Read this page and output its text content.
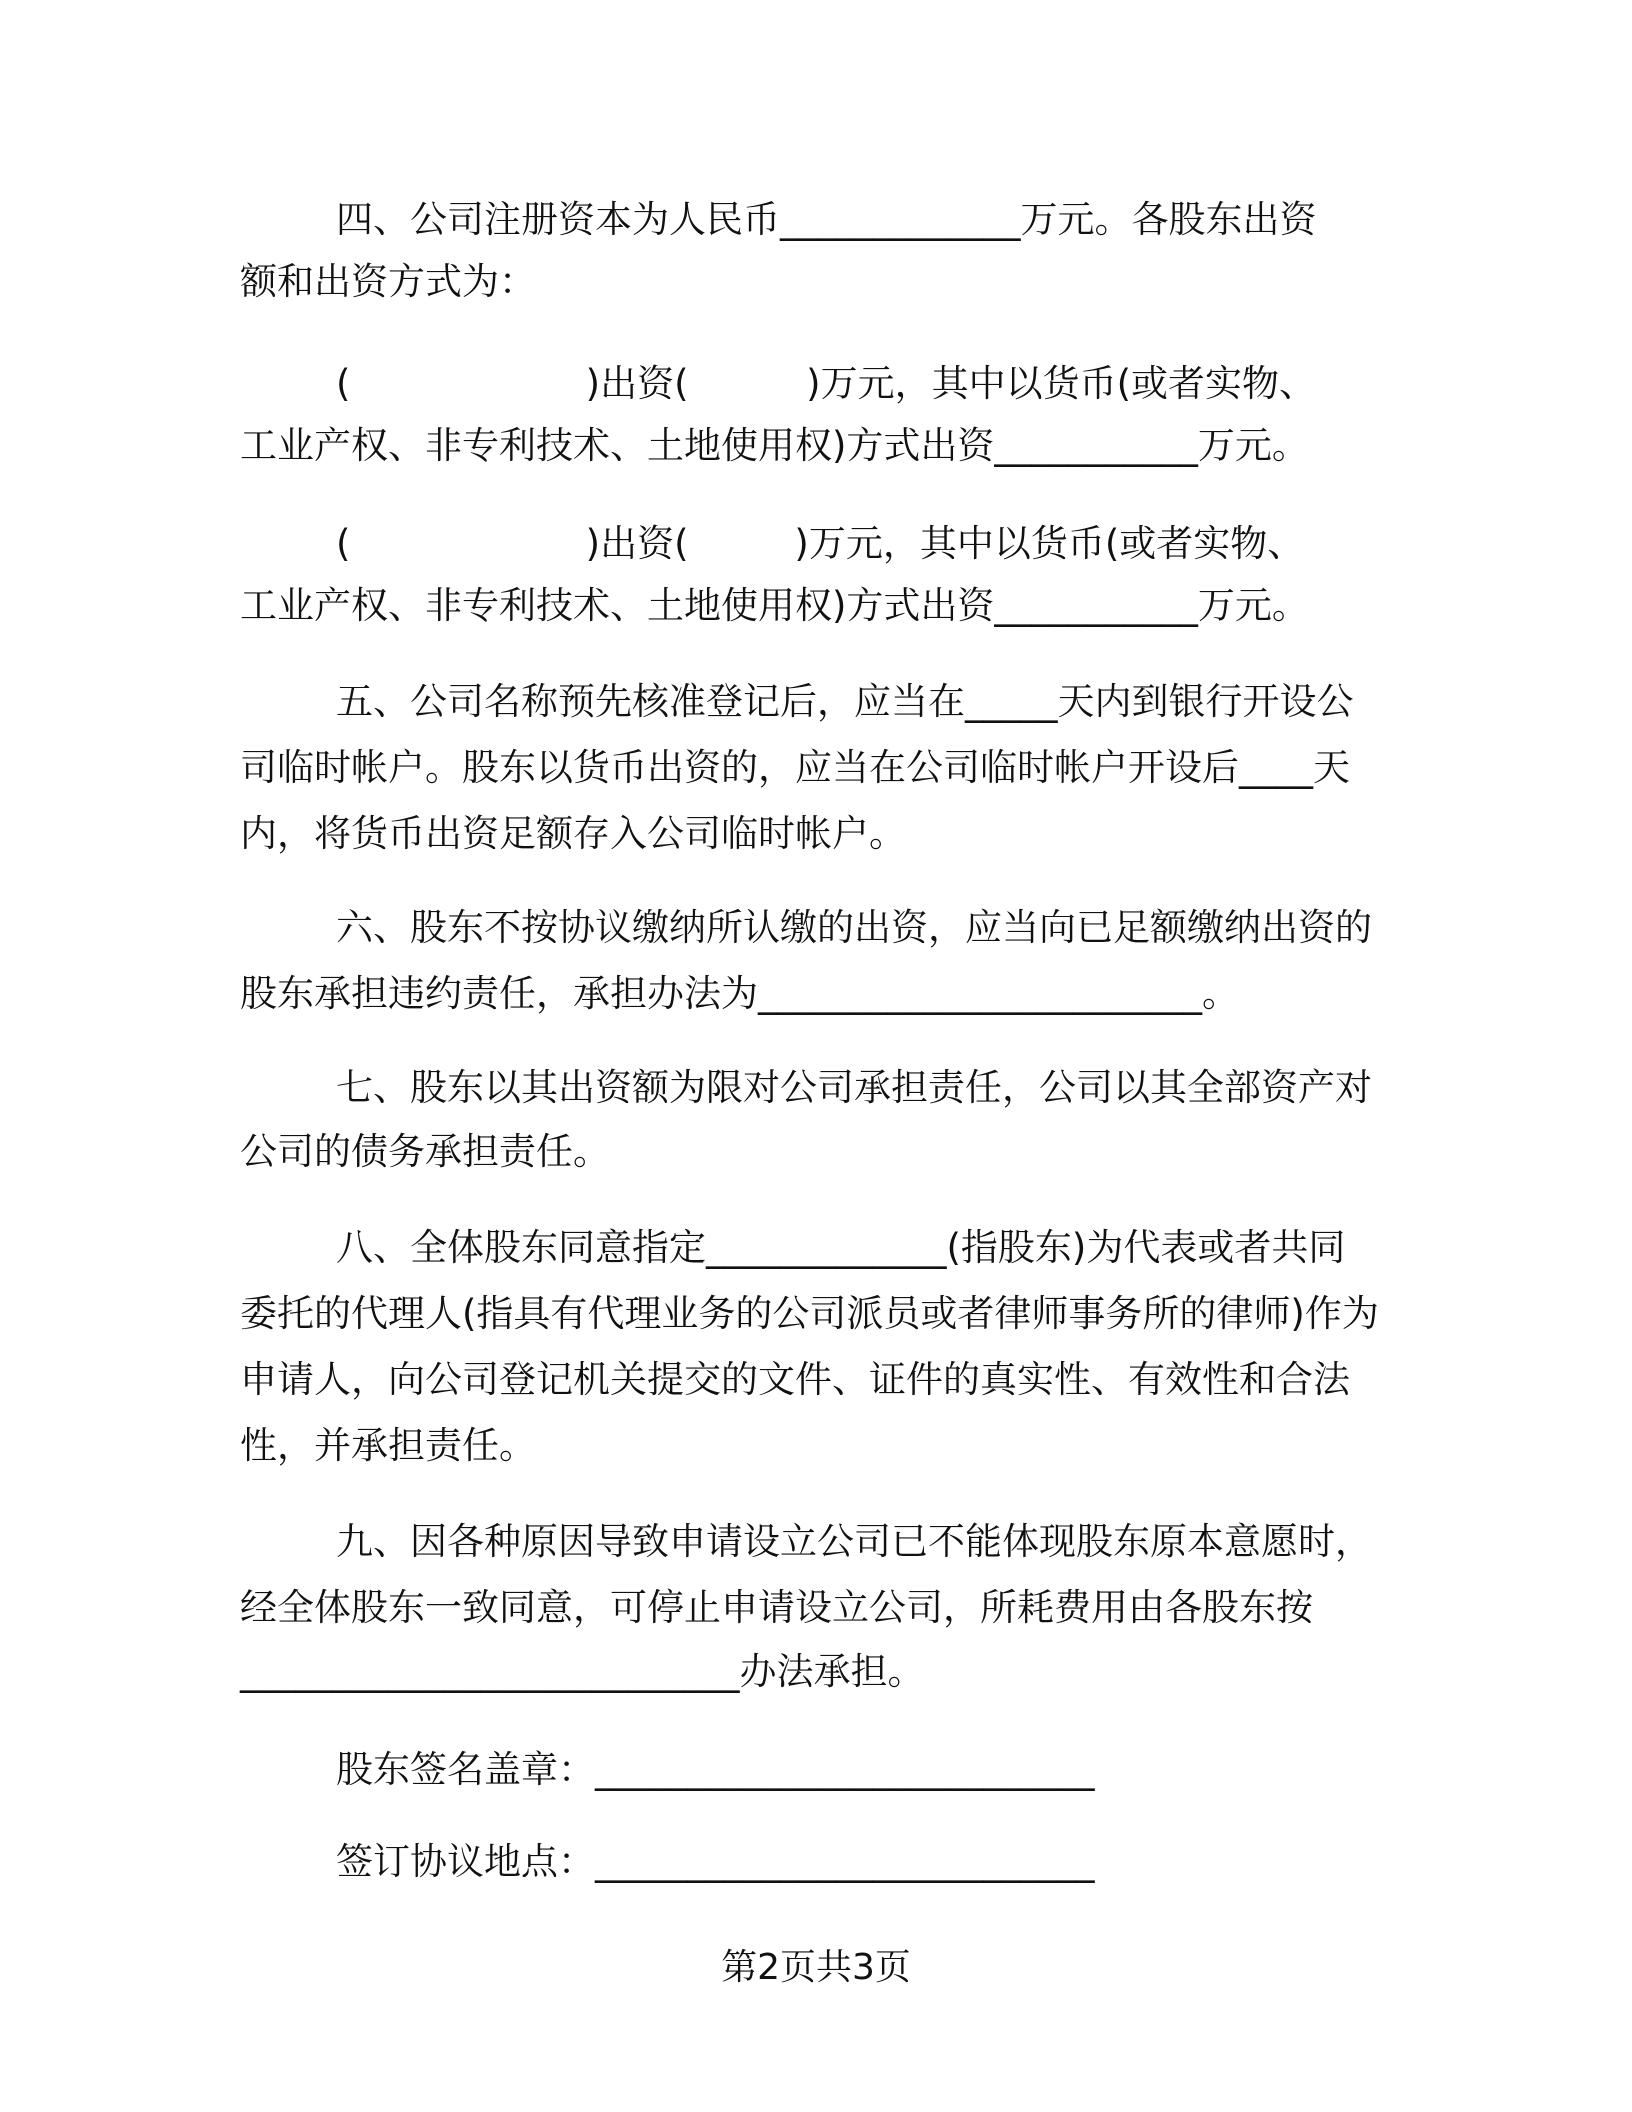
四、公司注册资本为人民币_____________万元。各股东出资
额和出资方式为：
(                    )出资(          )万元，其中以货币(或者实物、
工业产权、非专利技术、土地使用权)方式出资___________万元。
(                    )出资(         )万元，其中以货币(或者实物、
工业产权、非专利技术、土地使用权)方式出资___________万元。
五、公司名称预先核准登记后，应当在_____天内到银行开设公
司临时帐户。股东以货币出资的，应当在公司临时帐户开设后____天
内，将货币出资足额存入公司临时帐户。
六、股东不按协议缴纳所认缴的出资，应当向已足额缴纳出资的
股东承担违约责任，承担办法为________________________。
七、股东以其出资额为限对公司承担责任，公司以其全部资产对
公司的债务承担责任。
八、全体股东同意指定_____________(指股东)为代表或者共同
委托的代理人(指具有代理业务的公司派员或者律师事务所的律师)作为
申请人，向公司登记机关提交的文件、证件的真实性、有效性和合法
性，并承担责任。
九、因各种原因导致申请设立公司已不能体现股东原本意愿时，
经全体股东一致同意，可停止申请设立公司，所耗费用由各股东按
___________________________办法承担。
股东签名盖章：___________________________
签订协议地点：___________________________
第2页共3页
